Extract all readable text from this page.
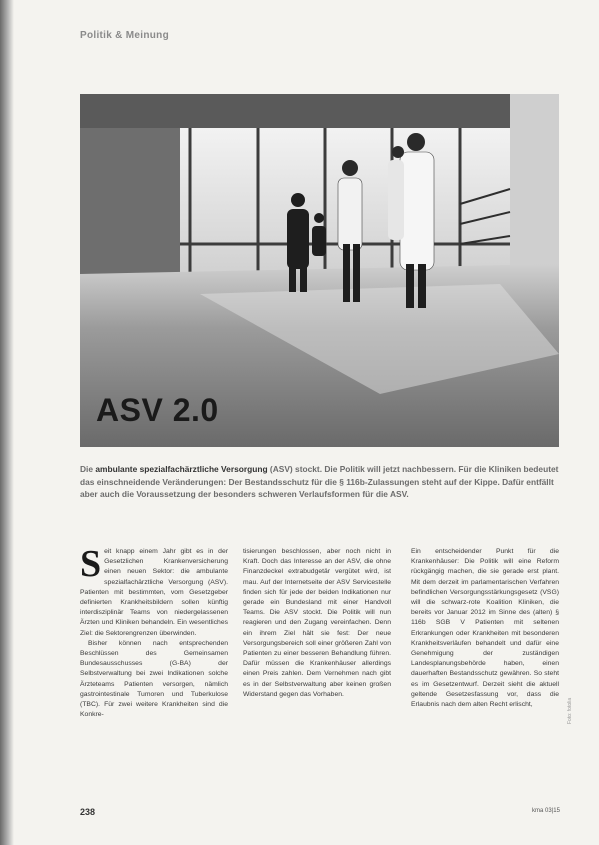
Politik & Meinung
ASV 2.0
Die ambulante spezialfachärztliche Versorgung (ASV) stockt. Die Politik will jetzt nachbessern. Für die Kliniken bedeutet das einschneidende Veränderungen: Der Bestandsschutz für die § 116b-Zulassungen steht auf der Kippe. Dafür entfällt aber auch die Voraussetzung der besonders schweren Verlaufsformen für die ASV.

Seit knapp einem Jahr gibt es in der Gesetzlichen Krankenversicherung einen neuen Sektor: die ambulante spezialfachärztliche Versorgung (ASV). Patienten mit bestimmten, vom Gesetzgeber definierten Krankheitsbildern sollen künftig interdisziplinär Teams von niedergelassenen Ärzten und Kliniken behandeln. Ein wesentliches Ziel: die Sektorengrenzen überwinden.

Bisher können nach entsprechenden Beschlüssen des Gemeinsamen Bundesausschusses (G-BA) der Selbstverwaltung bei zwei Indikationen solche Ärzteteams Patienten versorgen, nämlich gastrointestinale Tumoren und Tuberkulose (TBC). Für zwei weitere Krankheiten sind die Konkre-

tisierungen beschlossen, aber noch nicht in Kraft. Doch das Interesse an der ASV, die ohne Finanzdeckel extrabudgetär vergütet wird, ist mau. Auf der Internetseite der ASV Servicestelle finden sich für jede der beiden Indikationen nur gerade ein Bundesland mit einer Handvoll Teams. Die ASV stockt. Die Politik will nun reagieren und den Zugang vereinfachen. Denn ein ihrem Ziel hält sie fest: Der neue Versorgungsbereich soll einer größeren Zahl von Patienten zu einer besseren Behandlung führen. Dafür müssen die Krankenhäuser allerdings einen Preis zahlen. Dem Vernehmen nach gibt es in der Selbstverwaltung aber keinen großen Widerstand gegen das Vorhaben.

Ein entscheidender Punkt für die Krankenhäuser: Die Politik will eine Reform rückgängig machen, die sie gerade erst plant. Mit dem derzeit im parlamentarischen Verfahren befindlichen Versorgungsstärkungsgesetz (VSG) will die schwarz-rote Koalition Kliniken, die bereits vor Januar 2012 im Sinne des (alten) § 116b SGB V Patienten mit seltenen Erkrankungen oder Krankheiten mit besonderen Krankheitsverläufen behandelt und dafür eine Genehmigung der zuständigen Landesplanungsbehörde haben, einen dauerhaften Bestandsschutz gewähren. So steht es im Gesetzentwurf. Derzeit sieht die aktuell geltende Gesetzesfassung vor, dass die Erlaubnis nach dem alten Recht erlischt,	Foto: fotolia
238	kma 03|15
